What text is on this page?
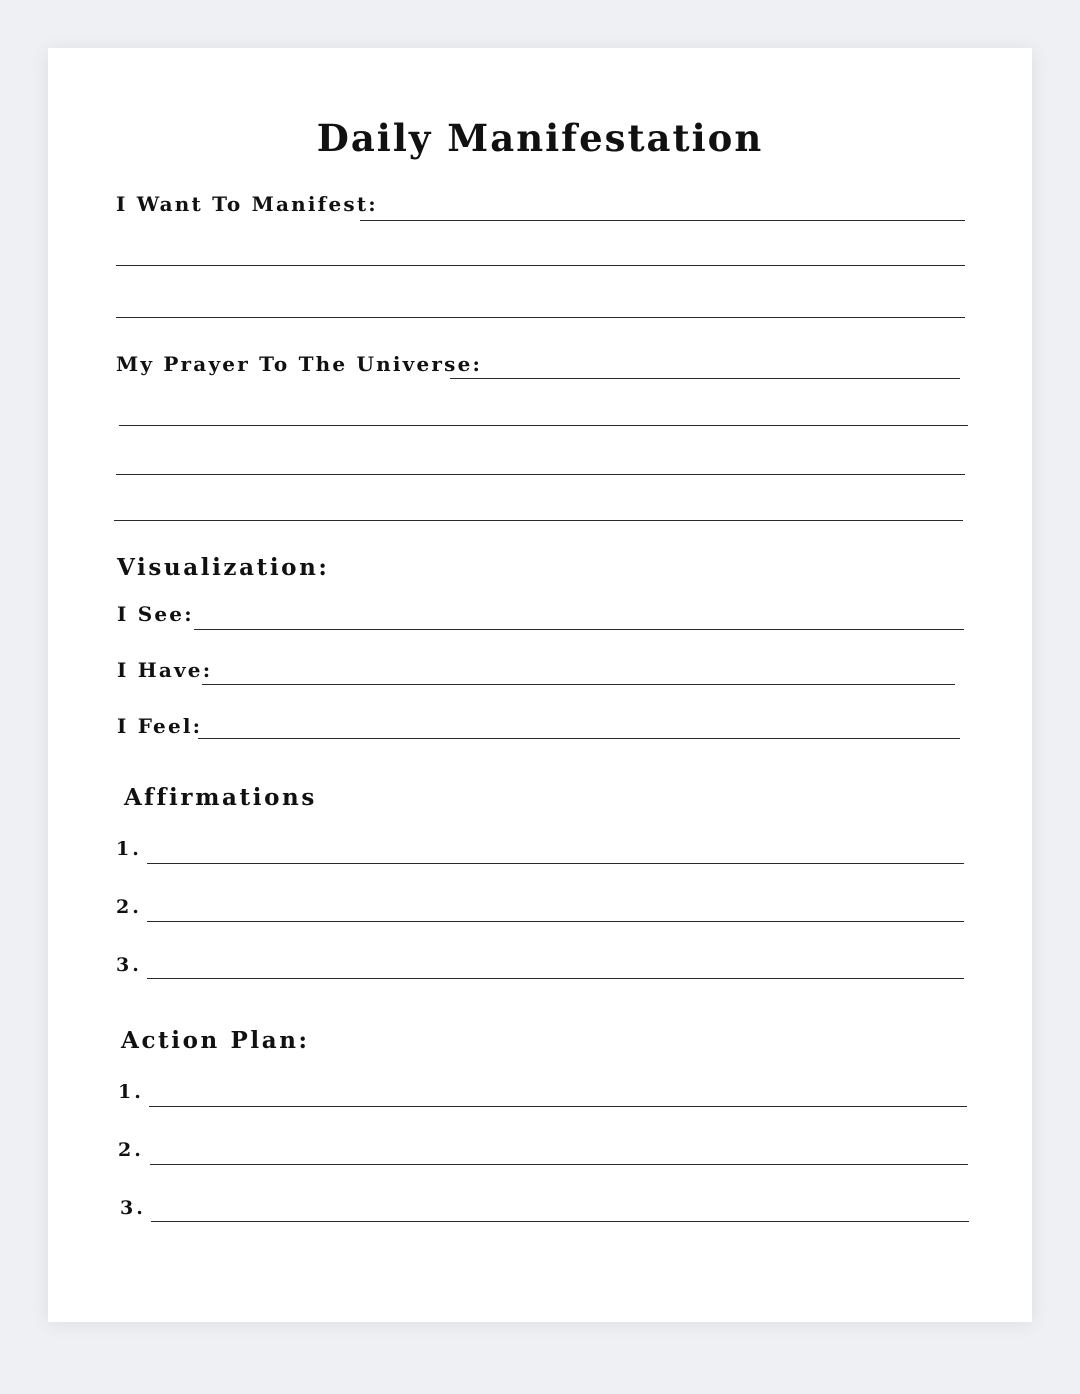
Daily Manifestation
I Want To Manifest:
My Prayer To The Universe:
Visualization:
I See:
I Have:
I Feel:
Affirmations
1.
2.
3.
Action Plan:
1.
2.
3.
